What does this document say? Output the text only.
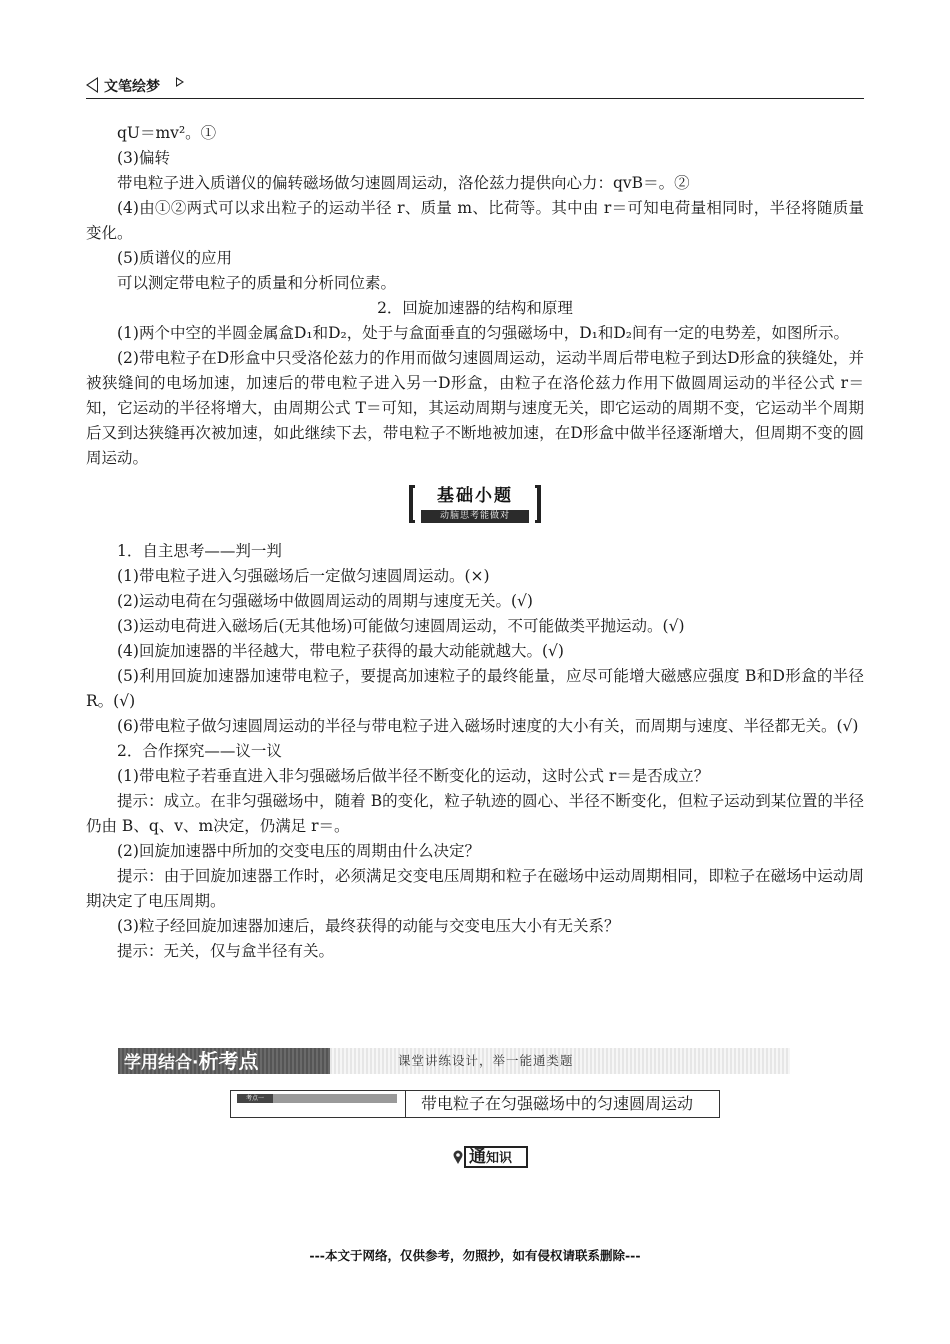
文笔绘梦

qU＝mv²。①

(3)偏转

带电粒子进入质谱仪的偏转磁场做匀速圆周运动，洛伦兹力提供向心力：qvB＝。②

(4)由①②两式可以求出粒子的运动半径 r、质量 m、比荷等。其中由 r＝可知电荷量相同时，半径将随质量变化。

(5)质谱仪的应用

可以测定带电粒子的质量和分析同位素。

2．回旋加速器的结构和原理

(1)两个中空的半圆金属盒D₁和D₂，处于与盒面垂直的匀强磁场中，D₁和D₂间有一定的电势差，如图所示。

(2)带电粒子在D形盒中只受洛伦兹力的作用而做匀速圆周运动，运动半周后带电粒子到达D形盒的狭缝处，并被狭缝间的电场加速，加速后的带电粒子进入另一D形盒，由粒子在洛伦兹力作用下做圆周运动的半径公式 r＝知，它运动的半径将增大，由周期公式 T＝可知，其运动周期与速度无关，即它运动的周期不变，它运动半个周期后又到达狭缝再次被加速，如此继续下去，带电粒子不断地被加速，在D形盒中做半径逐渐增大，但周期不变的圆周运动。

基础小题
动脑思考能做对

1．自主思考——判一判

(1)带电粒子进入匀强磁场后一定做匀速圆周运动。(×)

(2)运动电荷在匀强磁场中做圆周运动的周期与速度无关。(√)

(3)运动电荷进入磁场后(无其他场)可能做匀速圆周运动，不可能做类平抛运动。(√)

(4)回旋加速器的半径越大，带电粒子获得的最大动能就越大。(√)

(5)利用回旋加速器加速带电粒子，要提高加速粒子的最终能量，应尽可能增大磁感应强度 B和D形盒的半径 R。(√)

(6)带电粒子做匀速圆周运动的半径与带电粒子进入磁场时速度的大小有关，而周期与速度、半径都无关。(√)

2．合作探究——议一议

(1)带电粒子若垂直进入非匀强磁场后做半径不断变化的运动，这时公式 r＝是否成立？

提示：成立。在非匀强磁场中，随着 B的变化，粒子轨迹的圆心、半径不断变化，但粒子运动到某位置的半径仍由 B、q、v、m决定，仍满足 r＝。

(2)回旋加速器中所加的交变电压的周期由什么决定？

提示：由于回旋加速器工作时，必须满足交变电压周期和粒子在磁场中运动周期相同，即粒子在磁场中运动周期决定了电压周期。

(3)粒子经回旋加速器加速后，最终获得的动能与交变电压大小有无关系？

提示：无关，仅与盒半径有关。

学用结合·析考点	课堂讲练设计，举一能通类题
考点一	带电粒子在匀强磁场中的匀速圆周运动
通知识
---本文于网络，仅供参考，勿照抄，如有侵权请联系删除---
